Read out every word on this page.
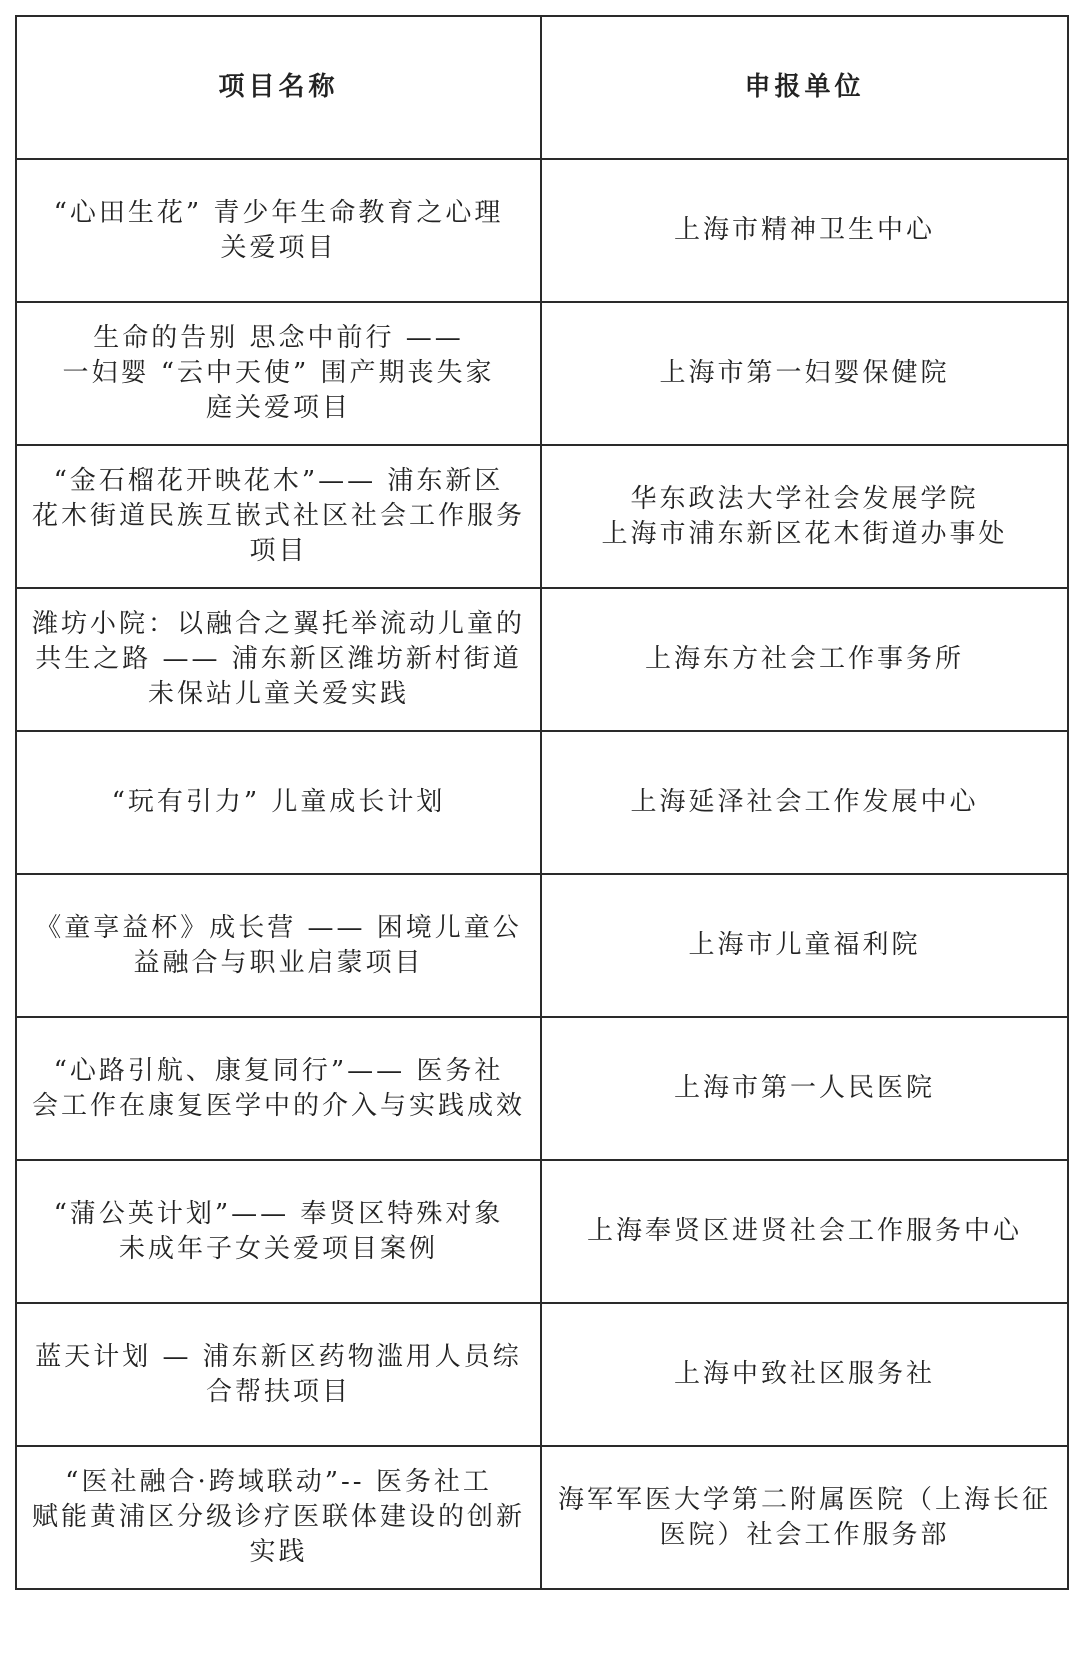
项目名称	申报单位

“心田生花” 青少年生命教育之心理
关爱项目	上海市精神卫生中心

生命的告别 思念中前行 ——
一妇婴 “云中天使” 围产期丧失家
庭关爱项目	上海市第一妇婴保健院

“金石榴花开映花木”—— 浦东新区
花木街道民族互嵌式社区社会工作服务
项目	华东政法大学社会发展学院
上海市浦东新区花木街道办事处

潍坊小院：以融合之翼托举流动儿童的
共生之路 —— 浦东新区潍坊新村街道
未保站儿童关爱实践	上海东方社会工作事务所

“玩有引力” 儿童成长计划	上海延泽社会工作发展中心

《童享益杯》成长营 —— 困境儿童公
益融合与职业启蒙项目	上海市儿童福利院

“心路引航、康复同行”—— 医务社
会工作在康复医学中的介入与实践成效	上海市第一人民医院

“蒲公英计划”—— 奉贤区特殊对象
未成年子女关爱项目案例	上海奉贤区进贤社会工作服务中心

蓝天计划 — 浦东新区药物滥用人员综
合帮扶项目	上海中致社区服务社

“医社融合·跨域联动”-- 医务社工
赋能黄浦区分级诊疗医联体建设的创新
实践	海军军医大学第二附属医院（上海长征
医院）社会工作服务部
